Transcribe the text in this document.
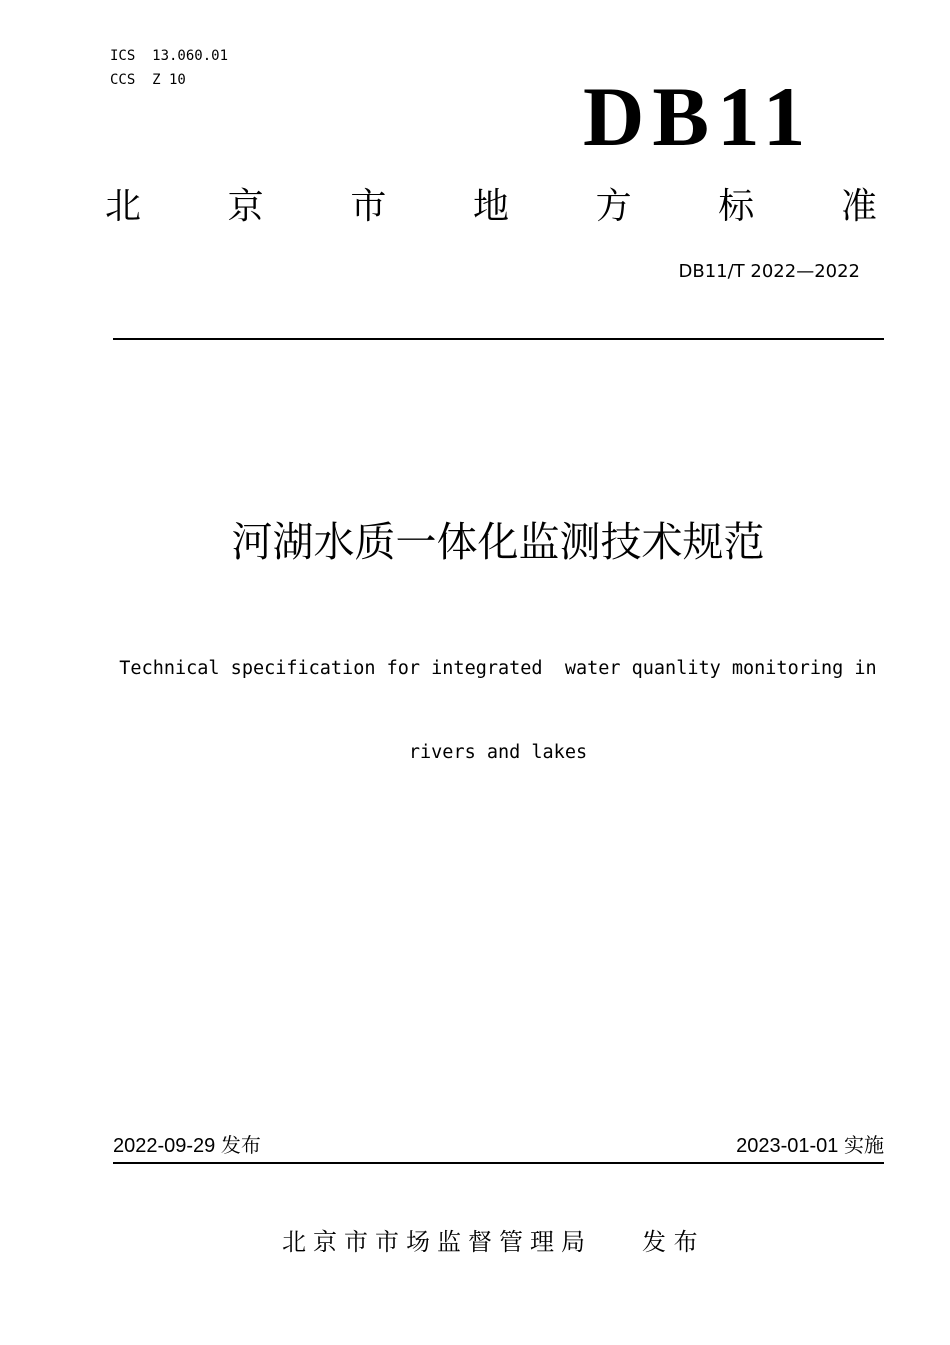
ICS  13.060.01
CCS  Z 10	DB11
北 京 市 地 方 标 准
DB11/T 2022—2022
河湖水质一体化监测技术规范

Technical specification for integrated  water quanlity monitoring in

rivers and lakes

2022-09-29 发布	2023-01-01 实施
北京市市场监督管理局 发 布
